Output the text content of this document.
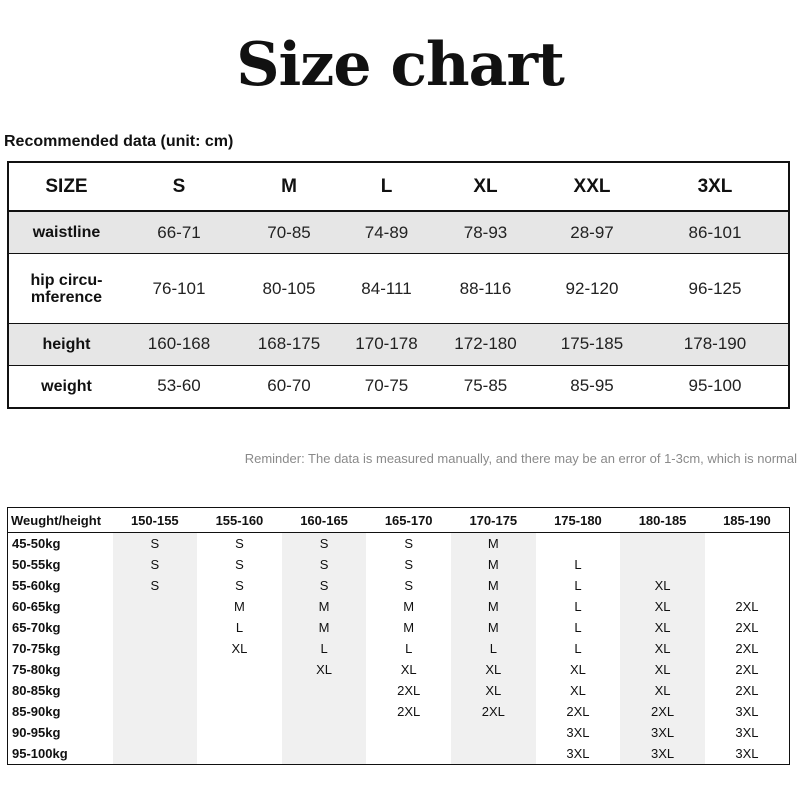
Size chart
Recommended data (unit: cm)
SIZE	S	M	L	XL	XXL	3XL
waistline	66-71	70-85	74-89	78-93	28-97	86-101
hip circu-
mference	76-101	80-105	84-111	88-116	92-120	96-125
height	160-168	168-175	170-178	172-180	175-185	178-190
weight	53-60	60-70	70-75	75-85	85-95	95-100
Reminder: The data is measured manually, and there may be an error of 1-3cm, which is normal
Weught/height	150-155	155-160	160-165	165-170	170-175	175-180	180-185	185-190
45-50kg	S	S	S	S	M			
50-55kg	S	S	S	S	M	L		
55-60kg	S	S	S	S	M	L	XL	
60-65kg		M	M	M	M	L	XL	2XL
65-70kg		L	M	M	M	L	XL	2XL
70-75kg		XL	L	L	L	L	XL	2XL
75-80kg			XL	XL	XL	XL	XL	2XL
80-85kg				2XL	XL	XL	XL	2XL
85-90kg				2XL	2XL	2XL	2XL	3XL
90-95kg						3XL	3XL	3XL
95-100kg						3XL	3XL	3XL
